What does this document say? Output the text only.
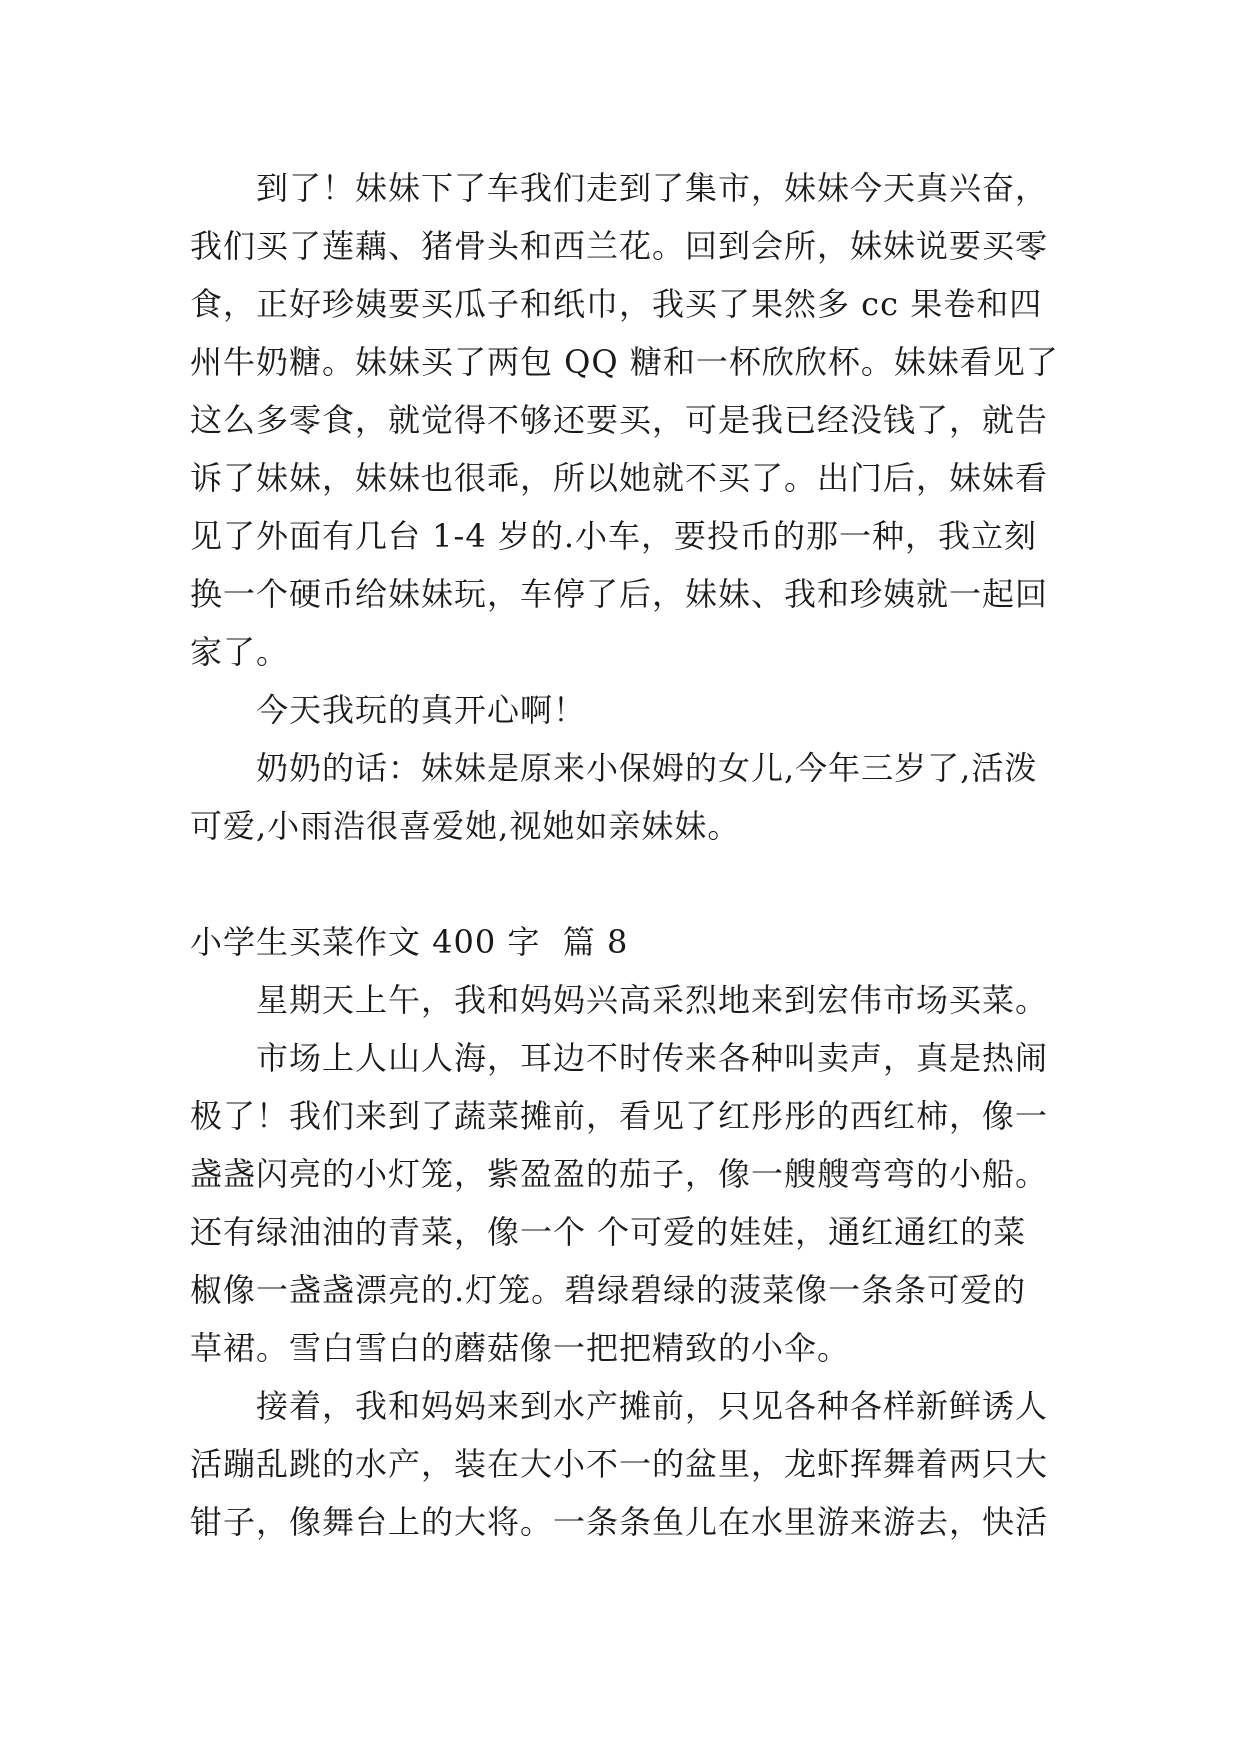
到了！妹妹下了车我们走到了集市，妹妹今天真兴奋，
我们买了莲藕、猪骨头和西兰花。回到会所，妹妹说要买零
食，正好珍姨要买瓜子和纸巾，我买了果然多 cc 果卷和四
州牛奶糖。妹妹买了两包 QQ 糖和一杯欣欣杯。妹妹看见了
这么多零食，就觉得不够还要买，可是我已经没钱了，就告
诉了妹妹，妹妹也很乖，所以她就不买了。出门后，妹妹看
见了外面有几台 1-4 岁的.小车，要投币的那一种，我立刻
换一个硬币给妹妹玩，车停了后，妹妹、我和珍姨就一起回
家了。
今天我玩的真开心啊！
奶奶的话：妹妹是原来小保姆的女儿,今年三岁了,活泼
可爱,小雨浩很喜爱她,视她如亲妹妹。
小学生买菜作文 400 字  篇 8
星期天上午，我和妈妈兴高采烈地来到宏伟市场买菜。
市场上人山人海，耳边不时传来各种叫卖声，真是热闹
极了！我们来到了蔬菜摊前，看见了红彤彤的西红柿，像一
盏盏闪亮的小灯笼，紫盈盈的茄子，像一艘艘弯弯的小船。
还有绿油油的青菜，像一个 个可爱的娃娃，通红通红的菜
椒像一盏盏漂亮的.灯笼。碧绿碧绿的菠菜像一条条可爱的
草裙。雪白雪白的蘑菇像一把把精致的小伞。
接着，我和妈妈来到水产摊前，只见各种各样新鲜诱人
活蹦乱跳的水产，装在大小不一的盆里，龙虾挥舞着两只大
钳子，像舞台上的大将。一条条鱼儿在水里游来游去，快活
